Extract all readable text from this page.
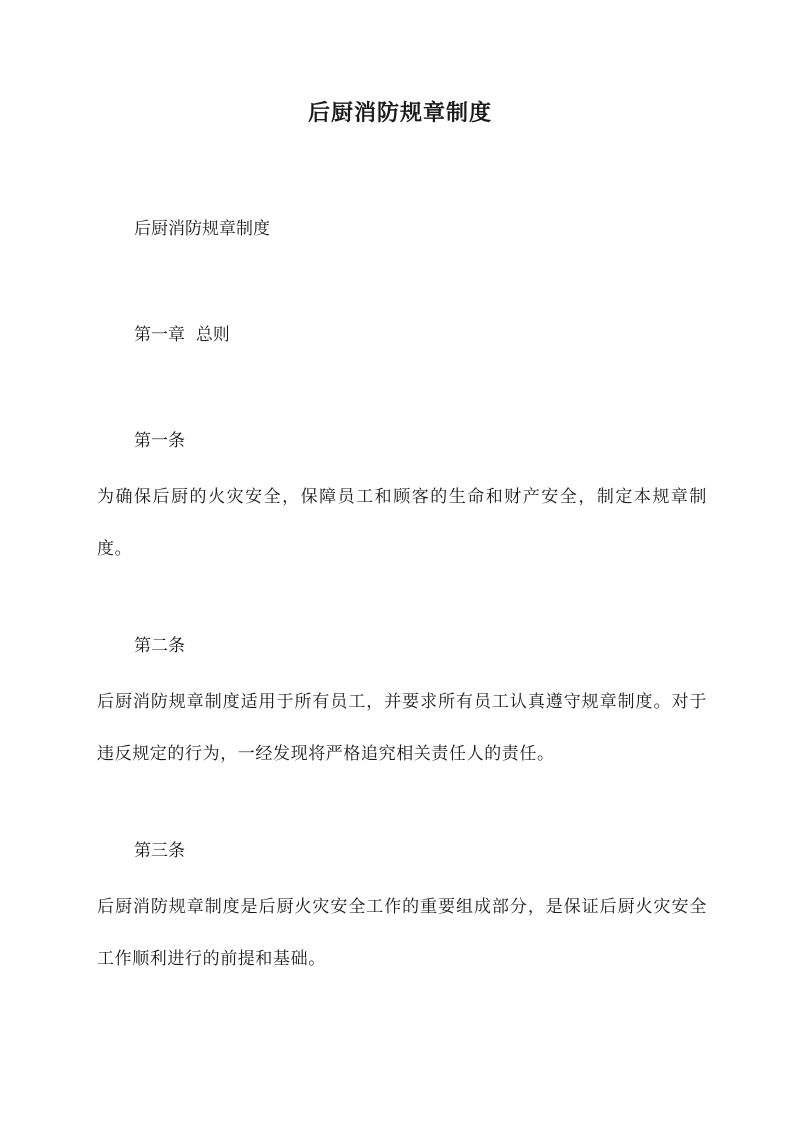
后厨消防规章制度

后厨消防规章制度

第一章  总则

第一条

为确保后厨的火灾安全，保障员工和顾客的生命和财产安全，制定本规章制度。

第二条

后厨消防规章制度适用于所有员工，并要求所有员工认真遵守规章制度。对于违反规定的行为，一经发现将严格追究相关责任人的责任。

第三条

后厨消防规章制度是后厨火灾安全工作的重要组成部分，是保证后厨火灾安全工作顺利进行的前提和基础。
